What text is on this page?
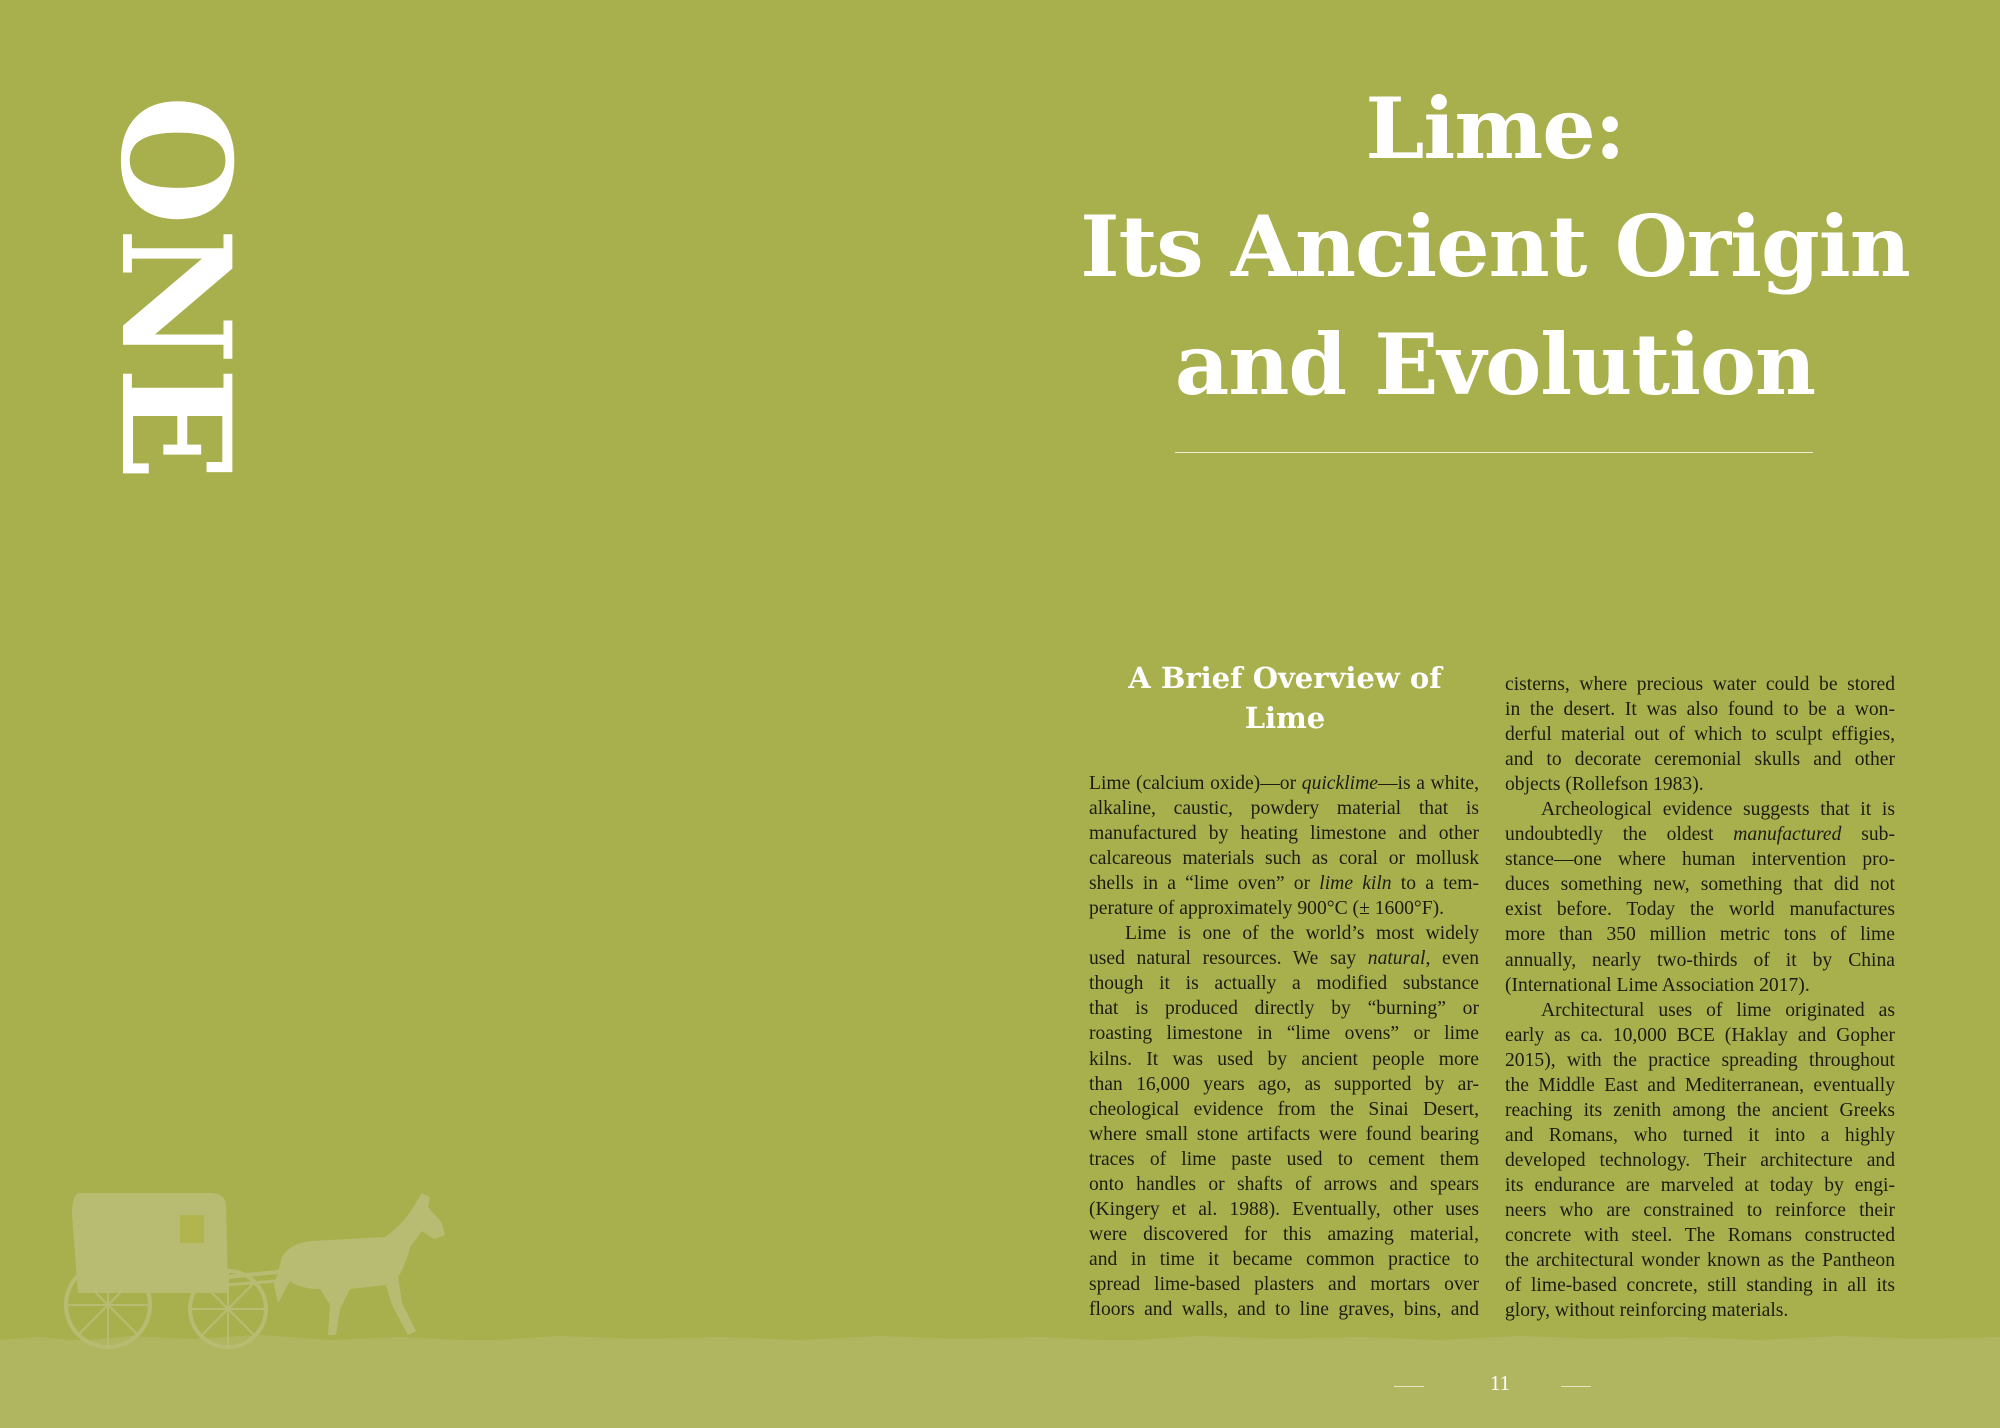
ONE	Lime:
Its Ancient Origin
and Evolution
A Brief Overview of
Lime

Lime (calcium oxide)—or quicklime—is a white,
alkaline, caustic, powdery material that is
manufactured by heating limestone and other
calcareous materials such as coral or mollusk
shells in a “lime oven” or lime kiln to a tem-
perature of approximately 900°C (± 1600°F).

Lime is one of the world’s most widely
used natural resources. We say natural, even
though it is actually a modified substance
that is produced directly by “burning” or
roasting limestone in “lime ovens” or lime
kilns. It was used by ancient people more
than 16,000 years ago, as supported by ar-
cheological evidence from the Sinai Desert,
where small stone artifacts were found bearing
traces of lime paste used to cement them
onto handles or shafts of arrows and spears
(Kingery et al. 1988). Eventually, other uses
were discovered for this amazing material,
and in time it became common practice to
spread lime-based plasters and mortars over
floors and walls, and to line graves, bins, and

cisterns, where precious water could be stored
in the desert. It was also found to be a won-
derful material out of which to sculpt effigies,
and to decorate ceremonial skulls and other
objects (Rollefson 1983).

Archeological evidence suggests that it is
undoubtedly the oldest manufactured sub-
stance—one where human intervention pro-
duces something new, something that did not
exist before. Today the world manufactures
more than 350 million metric tons of lime
annually, nearly two-thirds of it by China
(International Lime Association 2017).

Architectural uses of lime originated as
early as ca. 10,000 BCE (Haklay and Gopher
2015), with the practice spreading throughout
the Middle East and Mediterranean, eventually
reaching its zenith among the ancient Greeks
and Romans, who turned it into a highly
developed technology. Their architecture and
its endurance are marveled at today by engi-
neers who are constrained to reinforce their
concrete with steel. The Romans constructed
the architectural wonder known as the Pantheon
of lime-based concrete, still standing in all its
glory, without reinforcing materials.

11
